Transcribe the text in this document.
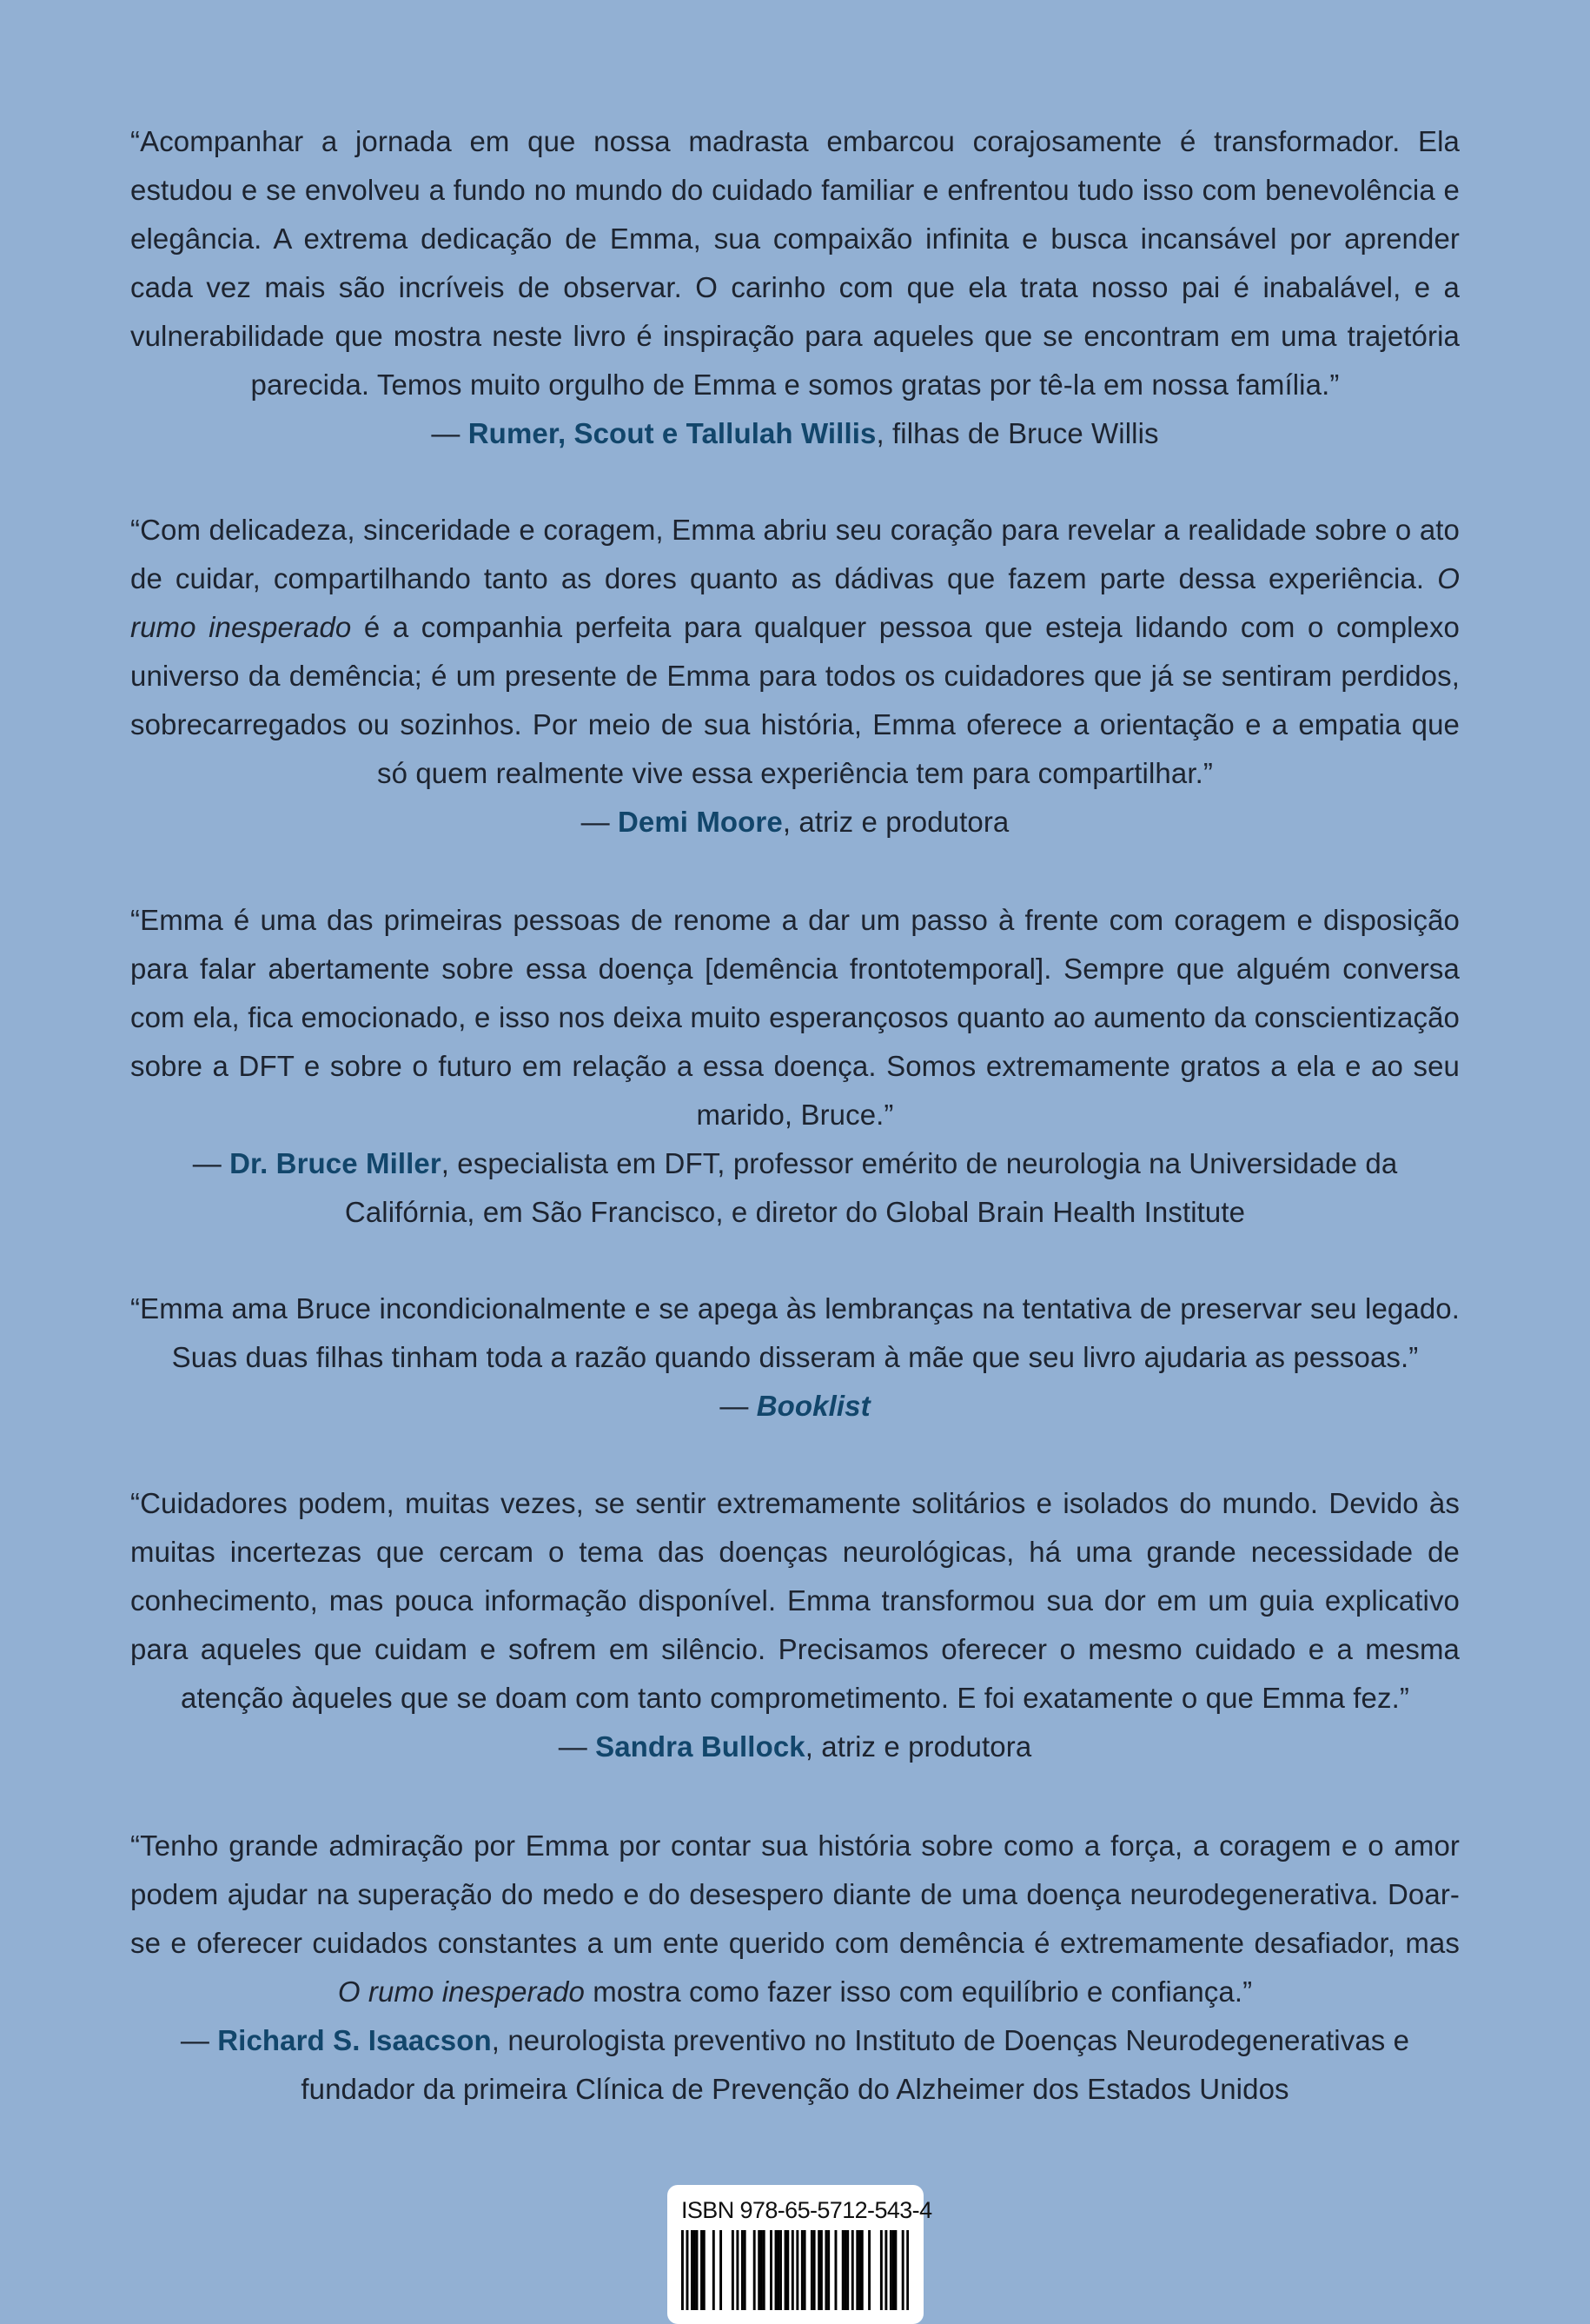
“Acompanhar a jornada em que nossa madrasta embarcou corajosamente é transformador. Ela estudou e se envolveu a fundo no mundo do cuidado familiar e enfrentou tudo isso com benevolência e elegância. A extrema dedicação de Emma, sua compaixão infinita e busca incansável por aprender cada vez mais são incríveis de observar. O carinho com que ela trata nosso pai é inabalável, e a vulnerabilidade que mostra neste livro é inspiração para aqueles que se encontram em uma trajetória parecida. Temos muito orgulho de Emma e somos gratas por tê-la em nossa família.”

— Rumer, Scout e Tallulah Willis, filhas de Bruce Willis

“Com delicadeza, sinceridade e coragem, Emma abriu seu coração para revelar a realidade sobre o ato de cuidar, compartilhando tanto as dores quanto as dádivas que fazem parte dessa experiência. O rumo inesperado é a companhia perfeita para qualquer pessoa que esteja lidando com o complexo universo da demência; é um presente de Emma para todos os cuidadores que já se sentiram perdidos, sobrecarregados ou sozinhos. Por meio de sua história, Emma oferece a orientação e a empatia que só quem realmente vive essa experiência tem para compartilhar.”

— Demi Moore, atriz e produtora

“Emma é uma das primeiras pessoas de renome a dar um passo à frente com coragem e disposição para falar abertamente sobre essa doença [demência frontotemporal]. Sempre que alguém conversa com ela, fica emocionado, e isso nos deixa muito esperançosos quanto ao aumento da conscientização sobre a DFT e sobre o futuro em relação a essa doença. Somos extremamente gratos a ela e ao seu marido, Bruce.”

— Dr. Bruce Miller, especialista em DFT, professor emérito de neurologia na Universidade da Califórnia, em São Francisco, e diretor do Global Brain Health Institute

“Emma ama Bruce incondicionalmente e se apega às lembranças na tentativa de preservar seu legado. Suas duas filhas tinham toda a razão quando disseram à mãe que seu livro ajudaria as pessoas.”

— Booklist

“Cuidadores podem, muitas vezes, se sentir extremamente solitários e isolados do mundo. Devido às muitas incertezas que cercam o tema das doenças neurológicas, há uma grande necessidade de conhecimento, mas pouca informação disponível. Emma transformou sua dor em um guia explicativo para aqueles que cuidam e sofrem em silêncio. Precisamos oferecer o mesmo cuidado e a mesma atenção àqueles que se doam com tanto comprometimento. E foi exatamente o que Emma fez.”

— Sandra Bullock, atriz e produtora

“Tenho grande admiração por Emma por contar sua história sobre como a força, a coragem e o amor podem ajudar na superação do medo e do desespero diante de uma doença neurodegenerativa. Doar-se e oferecer cuidados constantes a um ente querido com demência é extremamente desafiador, mas O rumo inesperado mostra como fazer isso com equilíbrio e confiança.”

— Richard S. Isaacson, neurologista preventivo no Instituto de Doenças Neurodegenerativas e fundador da primeira Clínica de Prevenção do Alzheimer dos Estados Unidos

ISBN 978-65-5712-543-4
